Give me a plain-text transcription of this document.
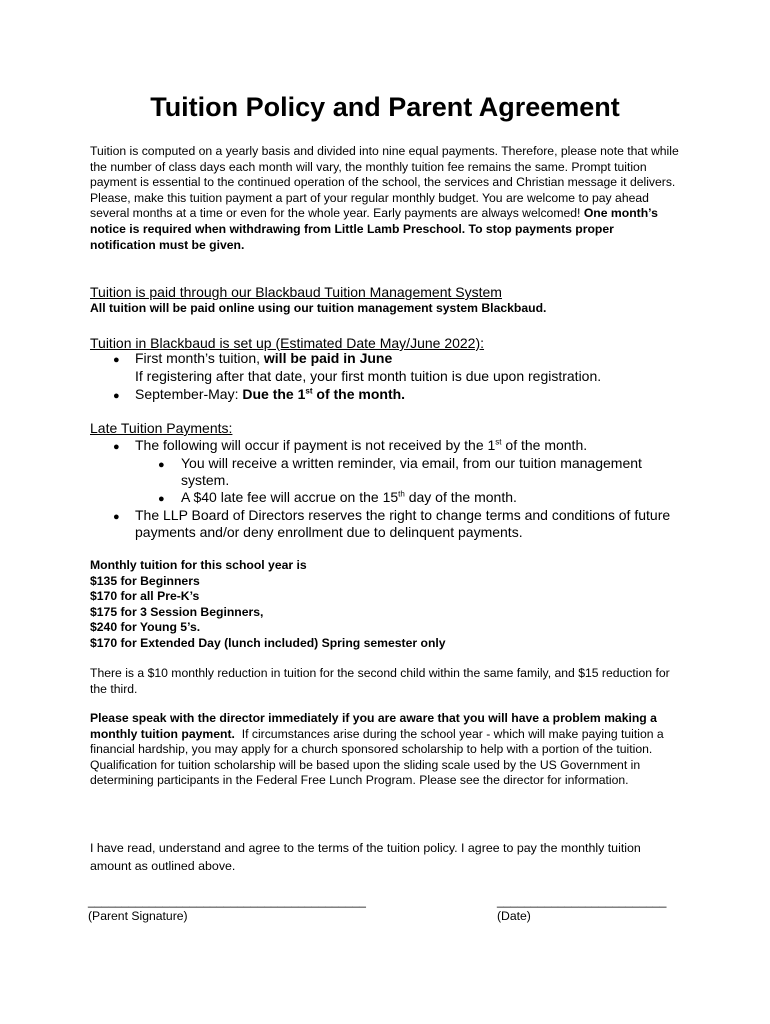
Tuition Policy and Parent Agreement

Tuition is computed on a yearly basis and divided into nine equal payments. Therefore, please note that while the number of class days each month will vary, the monthly tuition fee remains the same. Prompt tuition payment is essential to the continued operation of the school, the services and Christian message it delivers. Please, make this tuition payment a part of your regular monthly budget. You are welcome to pay ahead several months at a time or even for the whole year. Early payments are always welcomed! One month’s notice is required when withdrawing from Little Lamb Preschool. To stop payments proper notification must be given.

Tuition is paid through our Blackbaud Tuition Management System

All tuition will be paid online using our tuition management system Blackbaud.

Tuition in Blackbaud is set up (Estimated Date May/June 2022):

● First month’s tuition, will be paid in June
If registering after that date, your first month tuition is due upon registration.
● September-May: Due the 1st of the month.

Late Tuition Payments:

● The following will occur if payment is not received by the 1st of the month.
● You will receive a written reminder, via email, from our tuition management system.
● A $40 late fee will accrue on the 15th day of the month.
● The LLP Board of Directors reserves the right to change terms and conditions of future payments and/or deny enrollment due to delinquent payments.
Monthly tuition for this school year is
$135 for Beginners
$170 for all Pre-K’s
$175 for 3 Session Beginners,
$240 for Young 5’s.
$170 for Extended Day (lunch included) Spring semester only

There is a $10 monthly reduction in tuition for the second child within the same family, and $15 reduction for the third.

Please speak with the director immediately if you are aware that you will have a problem making a monthly tuition payment. If circumstances arise during the school year - which will make paying tuition a financial hardship, you may apply for a church sponsored scholarship to help with a portion of the tuition. Qualification for tuition scholarship will be based upon the sliding scale used by the US Government in determining participants in the Federal Free Lunch Program. Please see the director for information.

I have read, understand and agree to the terms of the tuition policy. I agree to pay the monthly tuition amount as outlined above.

_________________________________________
(Parent Signature)
_________________________
(Date)
